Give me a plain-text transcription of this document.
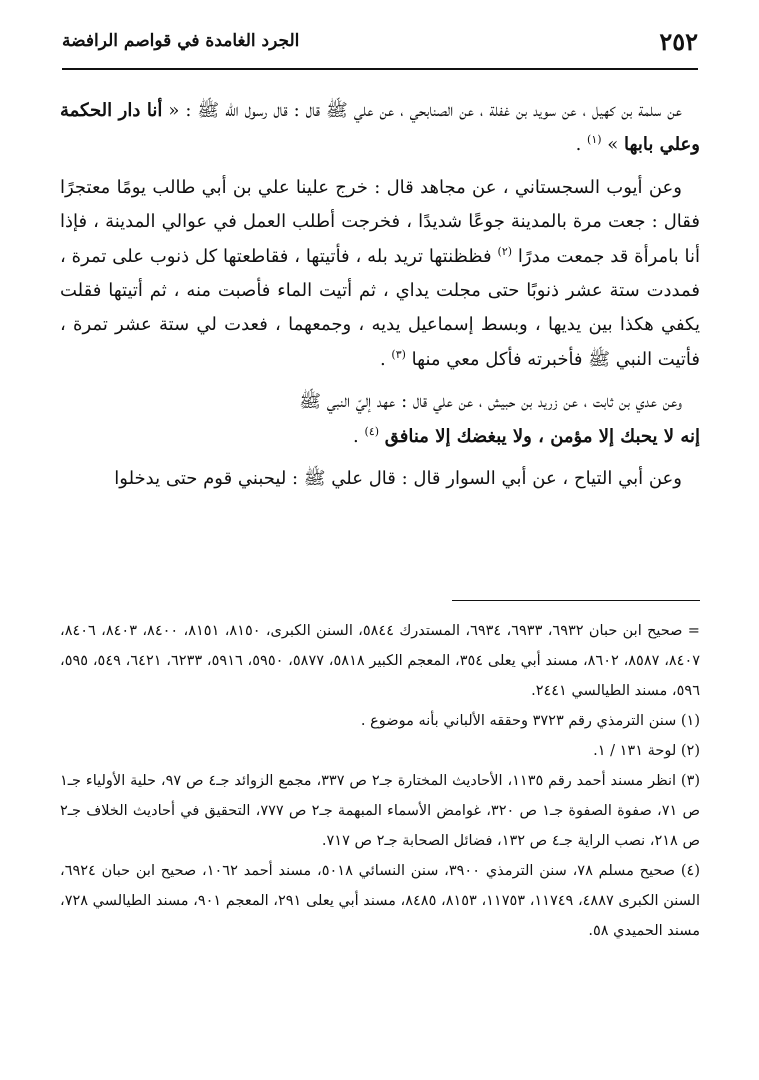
٢٥٢
الجرد الغامدة في قواصم الرافضة

عن سلمة بن كهيل ، عن سويد بن غفلة ، عن الصنابحي ، عن علي ﷺ قال : قال رسول اللّه ﷺ : « أنا دار الحكمة وعلي بابها » $^{(١)}$ .

وعن أيوب السجستاني ، عن مجاهد قال : خرج علينا علي بن أبي طالب يومًا معتجرًا فقال : جعت مرة بالمدينة جوعًا شديدًا ، فخرجت أطلب العمل في عوالي المدينة ، فإذا أنا بامرأة قد جمعت مدرًا $^{(٢)}$ فظظنتها تريد بله ، فأتيتها ، فقاطعتها كل ذنوب على تمرة ، فمددت ستة عشر ذنوبًا حتى مجلت يداي ، ثم أتيت الماء فأصبت منه ، ثم أتيتها فقلت يكفي هكذا بين يديها ، وبسط إسماعيل يديه ، وجمعهما ، فعدت لي ستة عشر تمرة ، فأتيت النبي ﷺ فأخبرته فأكل معي منها $^{(٣)}$ .

وعن عدي بن ثابت ، عن زريد بن حبيش ، عن علي قال : عهد إليّ النبي ﷺ
إنه لا يحبك إلا مؤمن ، ولا يبغضك إلا منافق $^{(٤)}$ .

وعن أبي التياح ، عن أبي السوار قال : قال علي ﷺ : ليحبني قوم حتى يدخلوا

= صحيح ابن حبان ٦٩٣٢، ٦٩٣٣، ٦٩٣٤، المستدرك ٥٨٤٤، السنن الكبرى، ٨١٥٠، ٨١٥١، ٨٤٠٠، ٨٤٠٣، ٨٤٠٦، ٨٤٠٧، ٨٥٨٧، ٨٦٠٢، مسند أبي يعلى ٣٥٤، المعجم الكبير ٥٨١٨، ٥٨٧٧، ٥٩٥٠، ٥٩١٦، ٦٢٣٣، ٦٤٢١، ٥٤٩، ٥٩٥، ٥٩٦، مسند الطيالسي ٢٤٤١.

(١) سنن الترمذي رقم ٣٧٢٣ وحققه الألباني بأنه موضوع .

(٢) لوحة ١٣١ / ١.

(٣) انظر مسند أحمد رقم ١١٣٥، الأحاديث المختارة جـ٢ ص ٣٣٧، مجمع الزوائد جـ٤ ص ٩٧، حلية الأولياء جـ١ ص ٧١، صفوة الصفوة جـ١ ص ٣٢٠، غوامض الأسماء المبهمة جـ٢ ص ٧٧٧، التحقيق في أحاديث الخلاف جـ٢ ص ٢١٨، نصب الراية جـ٤ ص ١٣٢، فضائل الصحابة جـ٢ ص ٧١٧.

(٤) صحيح مسلم ٧٨، سنن الترمذي ٣٩٠٠، سنن النسائي ٥٠١٨، مسند أحمد ١٠٦٢، صحيح ابن حبان ٦٩٢٤، السنن الكبرى ٤٨٨٧، ١١٧٤٩، ١١٧٥٣، ٨١٥٣، ٨٤٨٥، مسند أبي يعلى ٢٩١، المعجم ٩٠١، مسند الطيالسي ٧٢٨، مسند الحميدي ٥٨.
